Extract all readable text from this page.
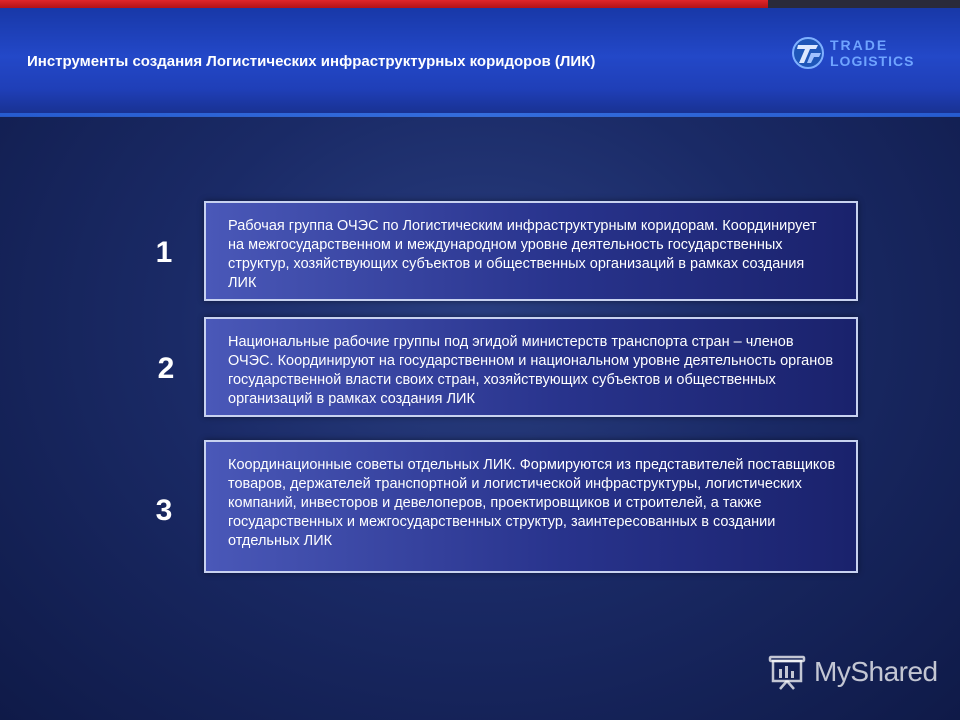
Инструменты создания Логистических инфраструктурных коридоров (ЛИК)
TRADE
LOGISTICS
1
Рабочая группа ОЧЭС по Логистическим инфраструктурным коридорам. Координирует на межгосударственном и международном уровне деятельность государственных структур, хозяйствующих субъектов и общественных организаций в рамках создания ЛИК
2
Национальные рабочие группы под эгидой министерств транспорта стран – членов ОЧЭС. Координируют на государственном и национальном уровне деятельность органов государственной власти своих стран, хозяйствующих субъектов и общественных организаций в рамках создания ЛИК
3
Координационные советы отдельных ЛИК. Формируются из представителей поставщиков товаров, держателей транспортной и логистической инфраструктуры, логистических компаний, инвесторов и девелоперов, проектировщиков и строителей, а также государственных и межгосударственных структур, заинтересованных в создании отдельных ЛИК
MyShared
